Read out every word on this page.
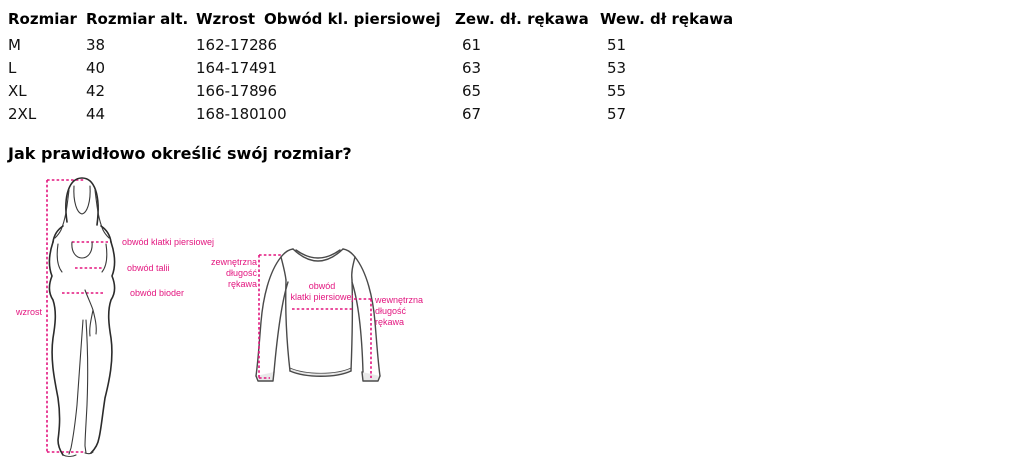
Rozmiar	Rozmiar alt.	Wzrost	Obwód kl. piersiowej	Zew. dł. rękawa	Wew. dł rękawa
M	38	162-172	86	61	51
L	40	164-174	91	63	53
XL	42	166-178	96	65	55
2XL	44	168-180	100	67	57
Jak prawidłowo określić swój rozmiar?
wzrost
obwód klatki piersiowej
obwód talii
obwód bioder
zewnętrzna
długość
rękawa	obwód
klatki piersiowej	wewnętrzna
długość
rękawa
